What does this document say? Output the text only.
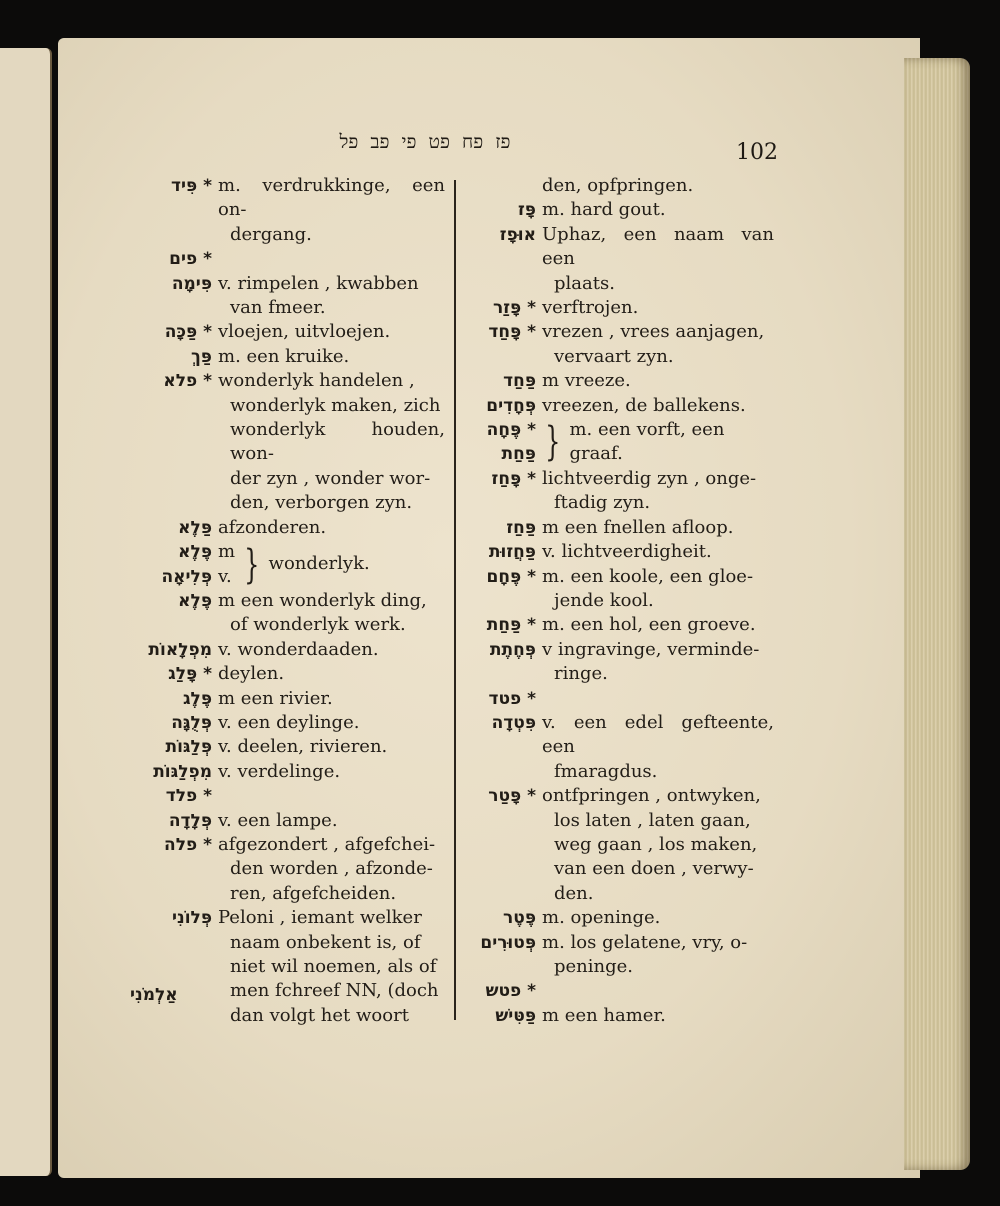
פז פח פט פי פב פל	102
* פִּיד m. verdrukkinge, een on-
dergang.
* פים

פִּימָה v. rimpelen , kwabben
van fmeer.
* פַּכָּה vloejen, uitvloejen.
פַּךְ m. een kruike.
* פלא wonderlyk handelen ,
wonderlyk maken, zich
wonderlyk houden, won-
der zyn , wonder wor-
den, verborgen zyn.
פַּלֶא afzonderen.
פֶּלֶא
פְּלִיאָה
m
v. } wonderlyk.
פֶּלֶא m een wonderlyk ding,
of wonderlyk werk.
מִפְלָאוֹת v. wonderdaaden.
* פָּלַג deylen.
פֶּלֶג m een rivier.
פְּלֻגָּה v. een deylinge.
פְּלַגּוֹת v. deelen, rivieren.
מִפְלַגּוֹת v. verdelinge.
* פלד

פְּלָדָה v. een lampe.
* פלה afgezondert , afgefchei-
den worden , afzonde-
ren, afgefcheiden.
פְּלוֹנִי Peloni , iemant welker
naam onbekent is, of
niet wil noemen, als of
men fchreef NN, (doch
dan volgt het woort
den, opfpringen.
פָּז m. hard gout.
אוּפָז Uphaz, een naam van een
plaats.
* פָּזַר verftrojen.
* פָּחַד vrezen , vrees aanjagen,
vervaart zyn.
פַּחַד m vreeze.
פְּחָדִים vreezen, de ballekens.
* פֶּחָה
פַּחַת } m. een vorft, een graaf.
* פָּחַז lichtveerdig zyn , onge-
ftadig zyn.
פַּחַז m een fnellen afloop.
פַּחֲזוּת v. lichtveerdigheit.
* פֶּחָם m. een koole, een gloe-
jende kool.
* פַּחַת m. een hol, een groeve.
פְּחֶתֶת v ingravinge, verminde-
ringe.
* פטד

פִּטְדָה v. een edel gefteente, een
fmaragdus.
* פָּטַר ontfpringen , ontwyken,
los laten , laten gaan,
weg gaan , los maken,
van een doen , verwy-
den.
פֶּטֶר m. openinge.
פְּטוּרִים m. los gelatene, vry, o-
peninge.
* פטש

פַּטִּישׁ m een hamer.
אַלְמֹנִי
